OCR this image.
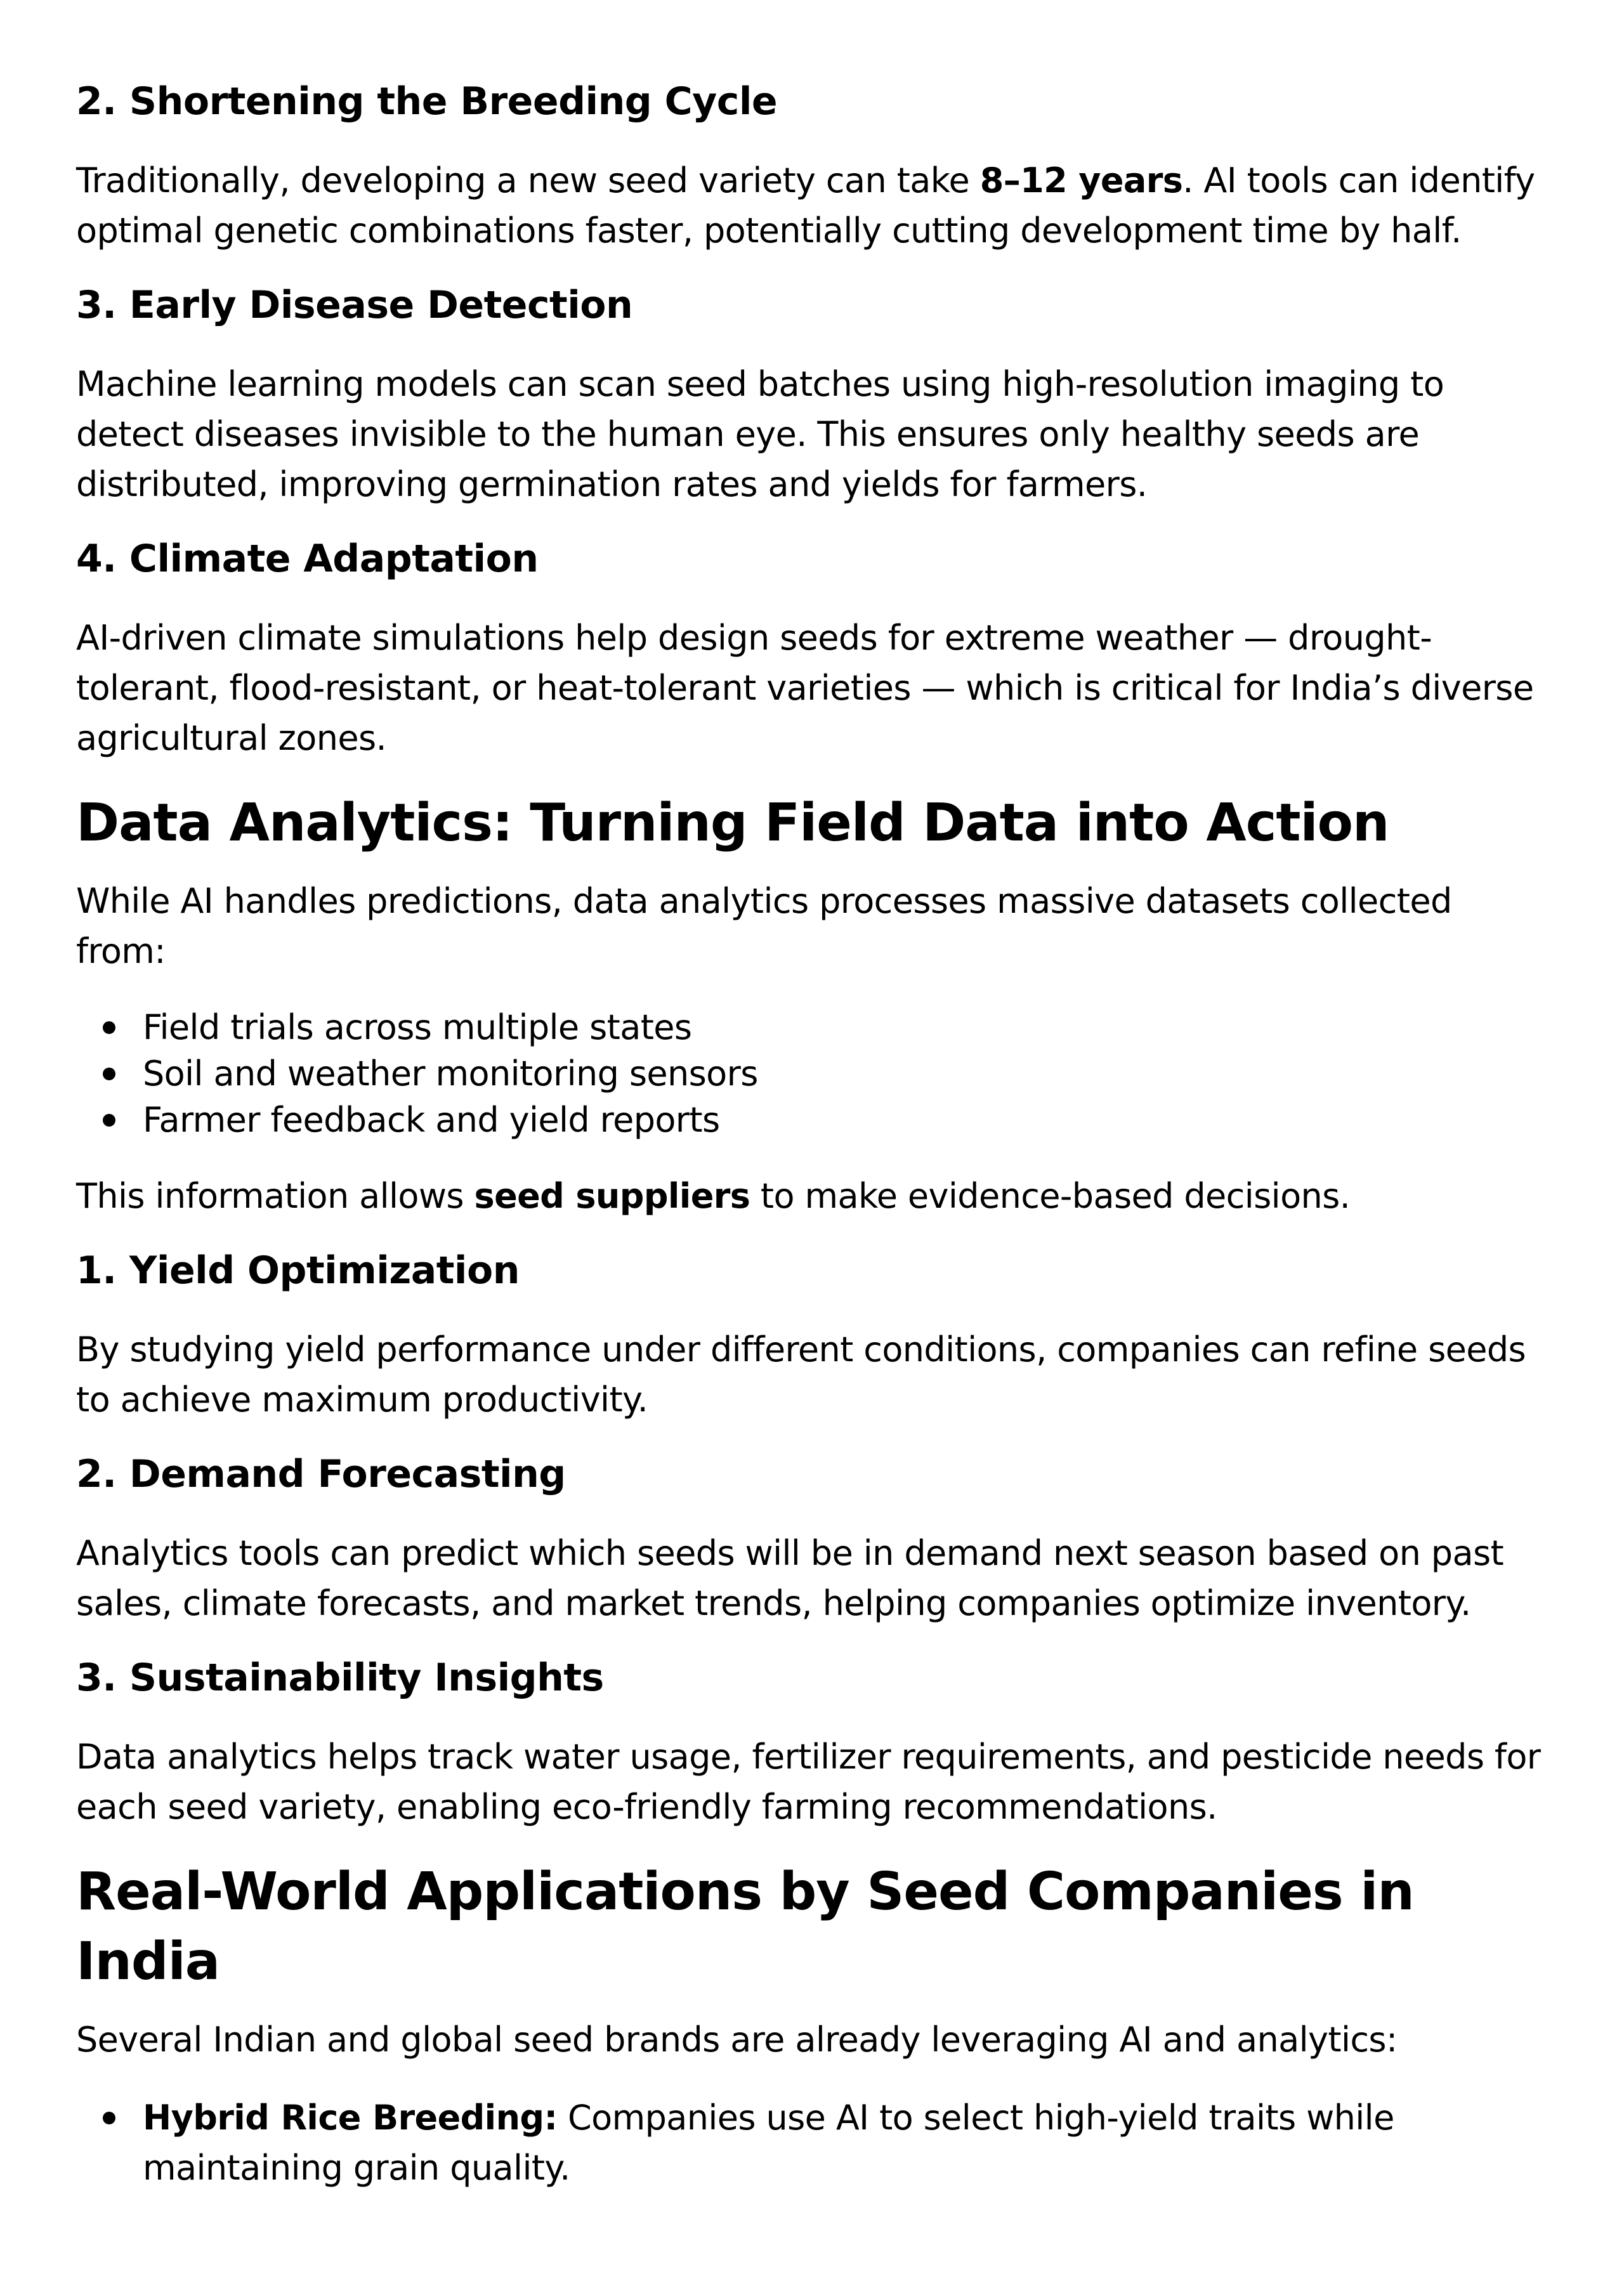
2. Shortening the Breeding Cycle

Traditionally, developing a new seed variety can take 8–12 years. AI tools can identify optimal genetic combinations faster, potentially cutting development time by half.

3. Early Disease Detection

Machine learning models can scan seed batches using high-resolution imaging to detect diseases invisible to the human eye. This ensures only healthy seeds are distributed, improving germination rates and yields for farmers.

4. Climate Adaptation

AI-driven climate simulations help design seeds for extreme weather — drought-tolerant, flood-resistant, or heat-tolerant varieties — which is critical for India’s diverse agricultural zones.

Data Analytics: Turning Field Data into Action

While AI handles predictions, data analytics processes massive datasets collected from:

Field trials across multiple states
Soil and weather monitoring sensors
Farmer feedback and yield reports

This information allows seed suppliers to make evidence-based decisions.

1. Yield Optimization

By studying yield performance under different conditions, companies can refine seeds to achieve maximum productivity.

2. Demand Forecasting

Analytics tools can predict which seeds will be in demand next season based on past sales, climate forecasts, and market trends, helping companies optimize inventory.

3. Sustainability Insights

Data analytics helps track water usage, fertilizer requirements, and pesticide needs for each seed variety, enabling eco-friendly farming recommendations.

Real-World Applications by Seed Companies in India

Several Indian and global seed brands are already leveraging AI and analytics:

Hybrid Rice Breeding: Companies use AI to select high-yield traits while maintaining grain quality.
